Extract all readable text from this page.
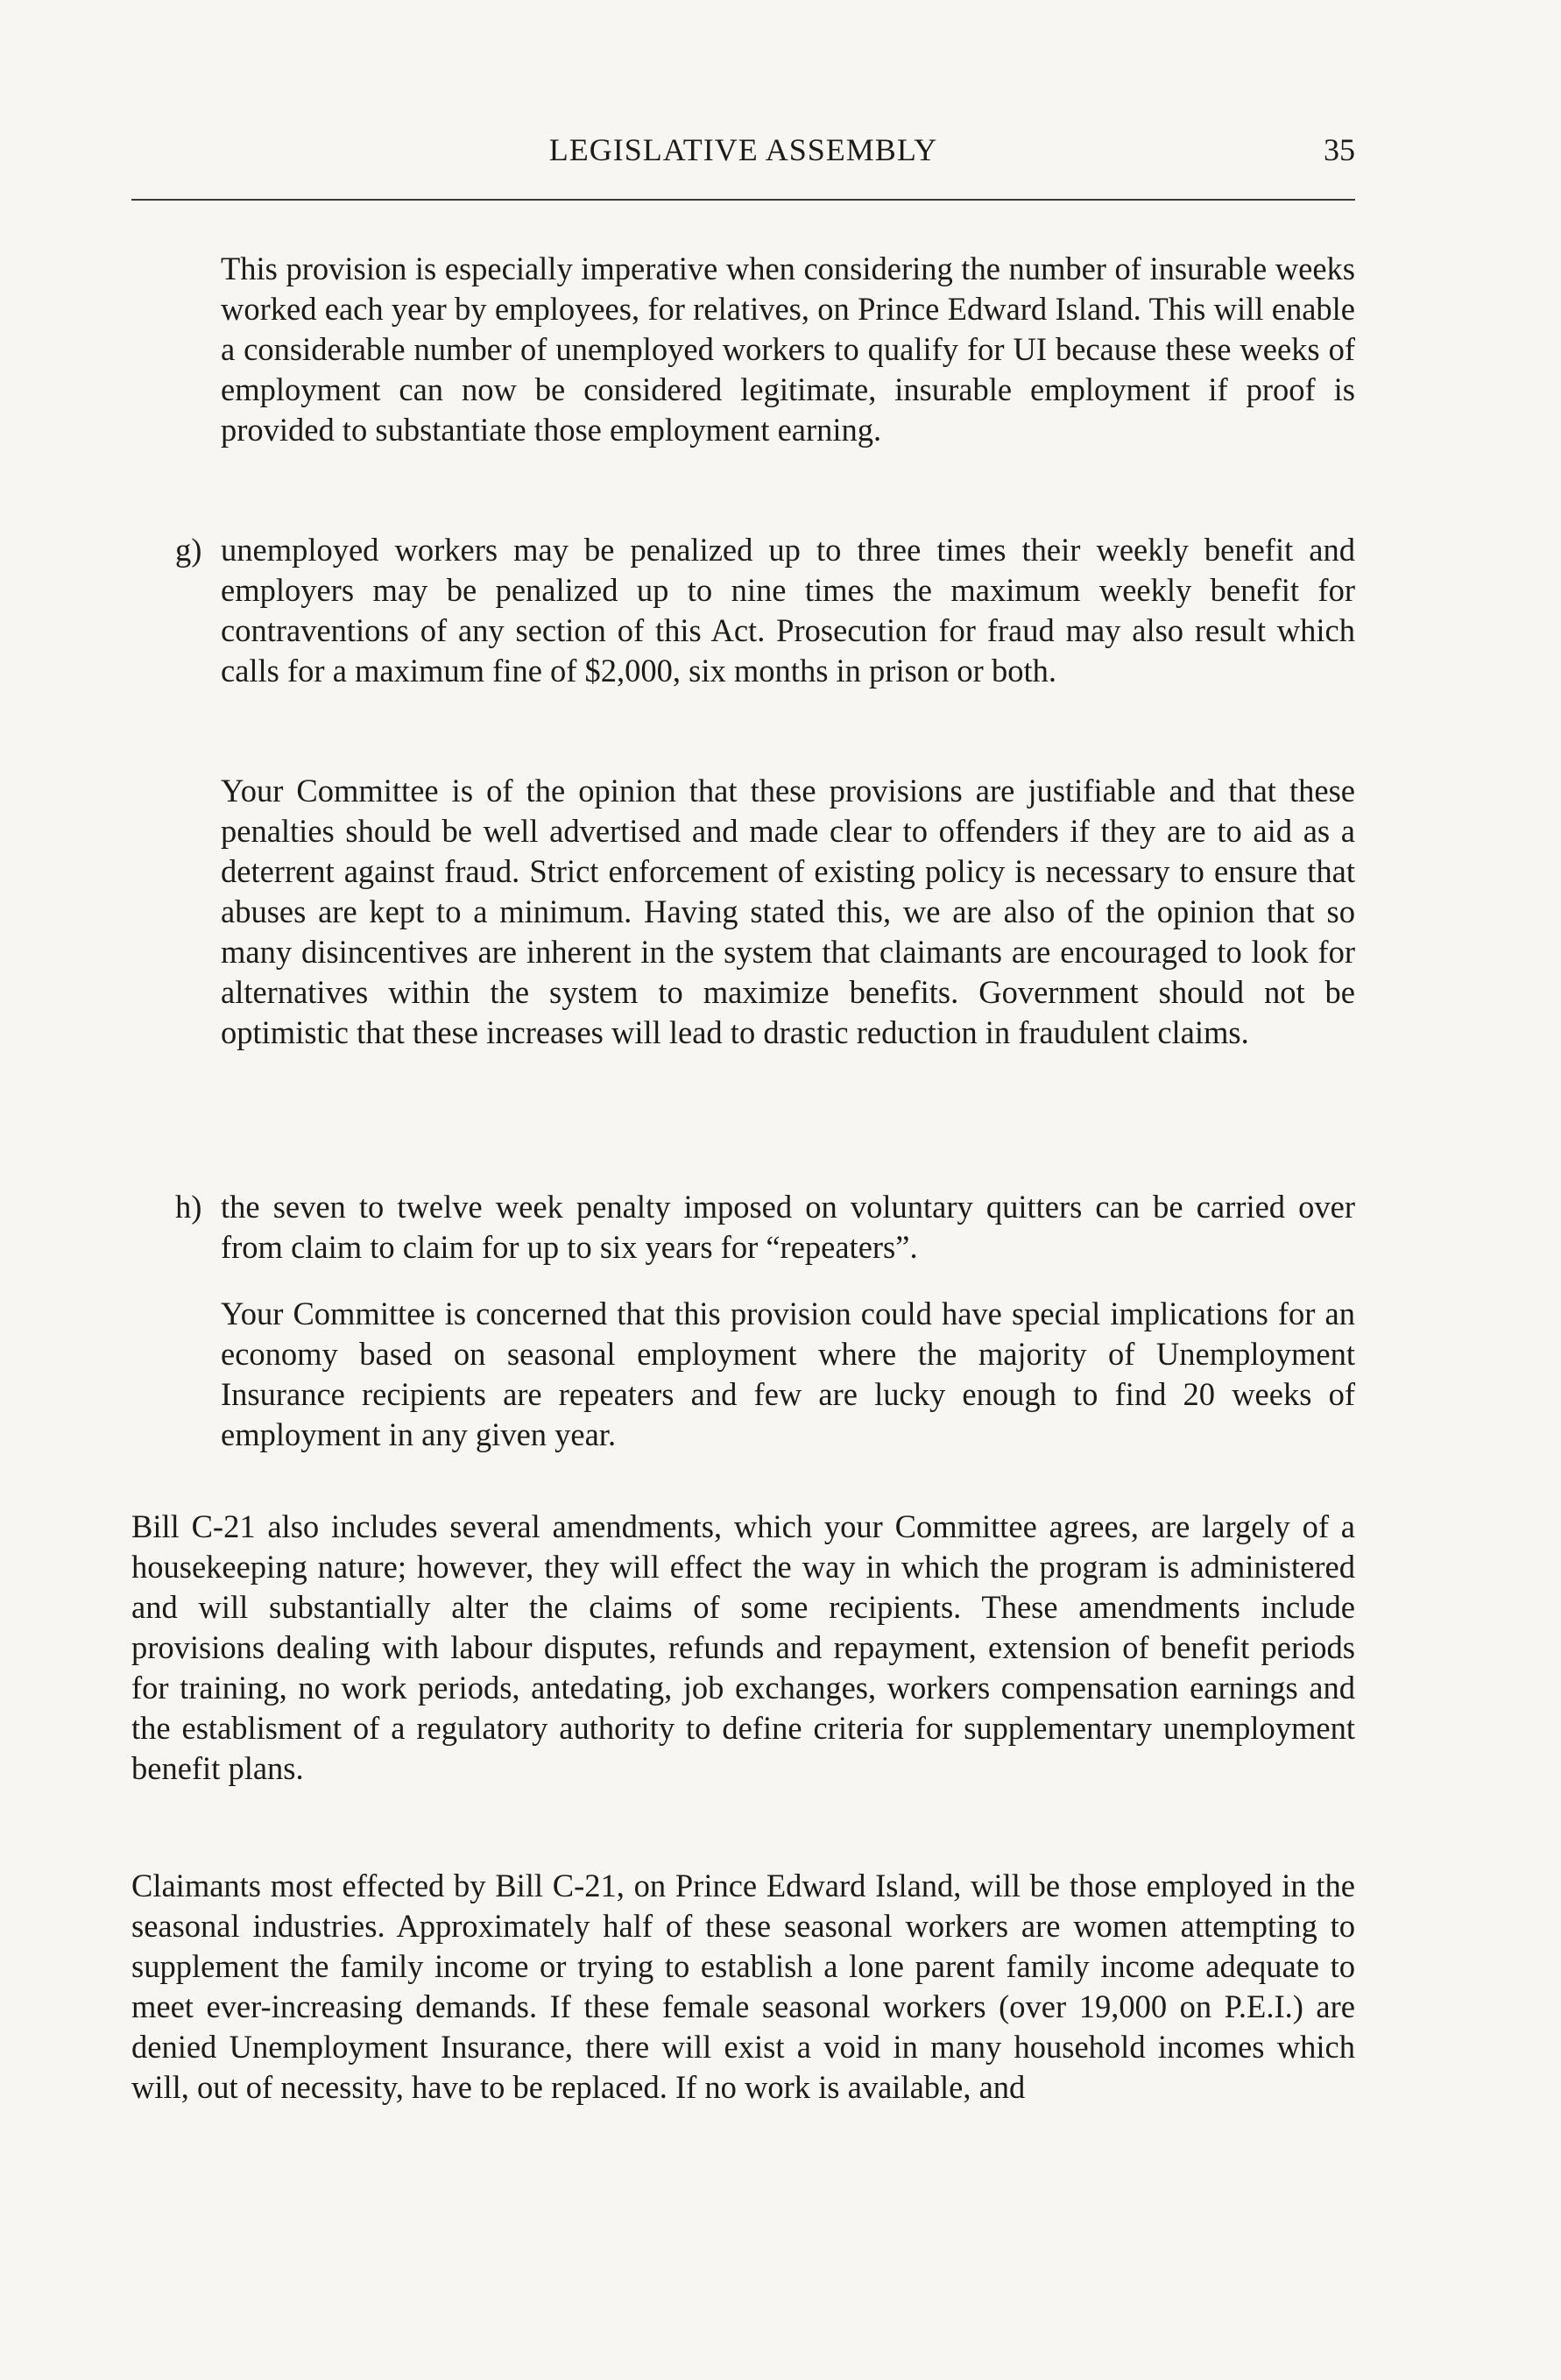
LEGISLATIVE ASSEMBLY	35

This provision is especially imperative when considering the number of insurable weeks worked each year by employees, for relatives, on Prince Edward Island. This will enable a considerable number of unemployed workers to qualify for UI because these weeks of employment can now be considered legitimate, insurable employment if proof is provided to substantiate those employment earning.

g) unemployed workers may be penalized up to three times their weekly benefit and employers may be penalized up to nine times the maximum weekly benefit for contraventions of any section of this Act. Prosecution for fraud may also result which calls for a maximum fine of $2,000, six months in prison or both.

Your Committee is of the opinion that these provisions are justifiable and that these penalties should be well advertised and made clear to offenders if they are to aid as a deterrent against fraud. Strict enforcement of existing policy is necessary to ensure that abuses are kept to a minimum. Having stated this, we are also of the opinion that so many disincentives are inherent in the system that claimants are encouraged to look for alternatives within the system to maximize benefits. Government should not be optimistic that these increases will lead to drastic reduction in fraudulent claims.

h) the seven to twelve week penalty imposed on voluntary quitters can be carried over from claim to claim for up to six years for “repeaters”.

Your Committee is concerned that this provision could have special implications for an economy based on seasonal employment where the majority of Unemployment Insurance recipients are repeaters and few are lucky enough to find 20 weeks of employment in any given year.

Bill C-21 also includes several amendments, which your Committee agrees, are largely of a housekeeping nature; however, they will effect the way in which the program is administered and will substantially alter the claims of some recipients. These amendments include provisions dealing with labour disputes, refunds and repayment, extension of benefit periods for training, no work periods, antedating, job exchanges, workers compensation earnings and the establisment of a regulatory authority to define criteria for supplementary unemployment benefit plans.

Claimants most effected by Bill C-21, on Prince Edward Island, will be those employed in the seasonal industries. Approximately half of these seasonal workers are women attempting to supplement the family income or trying to establish a lone parent family income adequate to meet ever-increasing demands. If these female seasonal workers (over 19,000 on P.E.I.) are denied Unemployment Insurance, there will exist a void in many household incomes which will, out of necessity, have to be replaced. If no work is available, and
